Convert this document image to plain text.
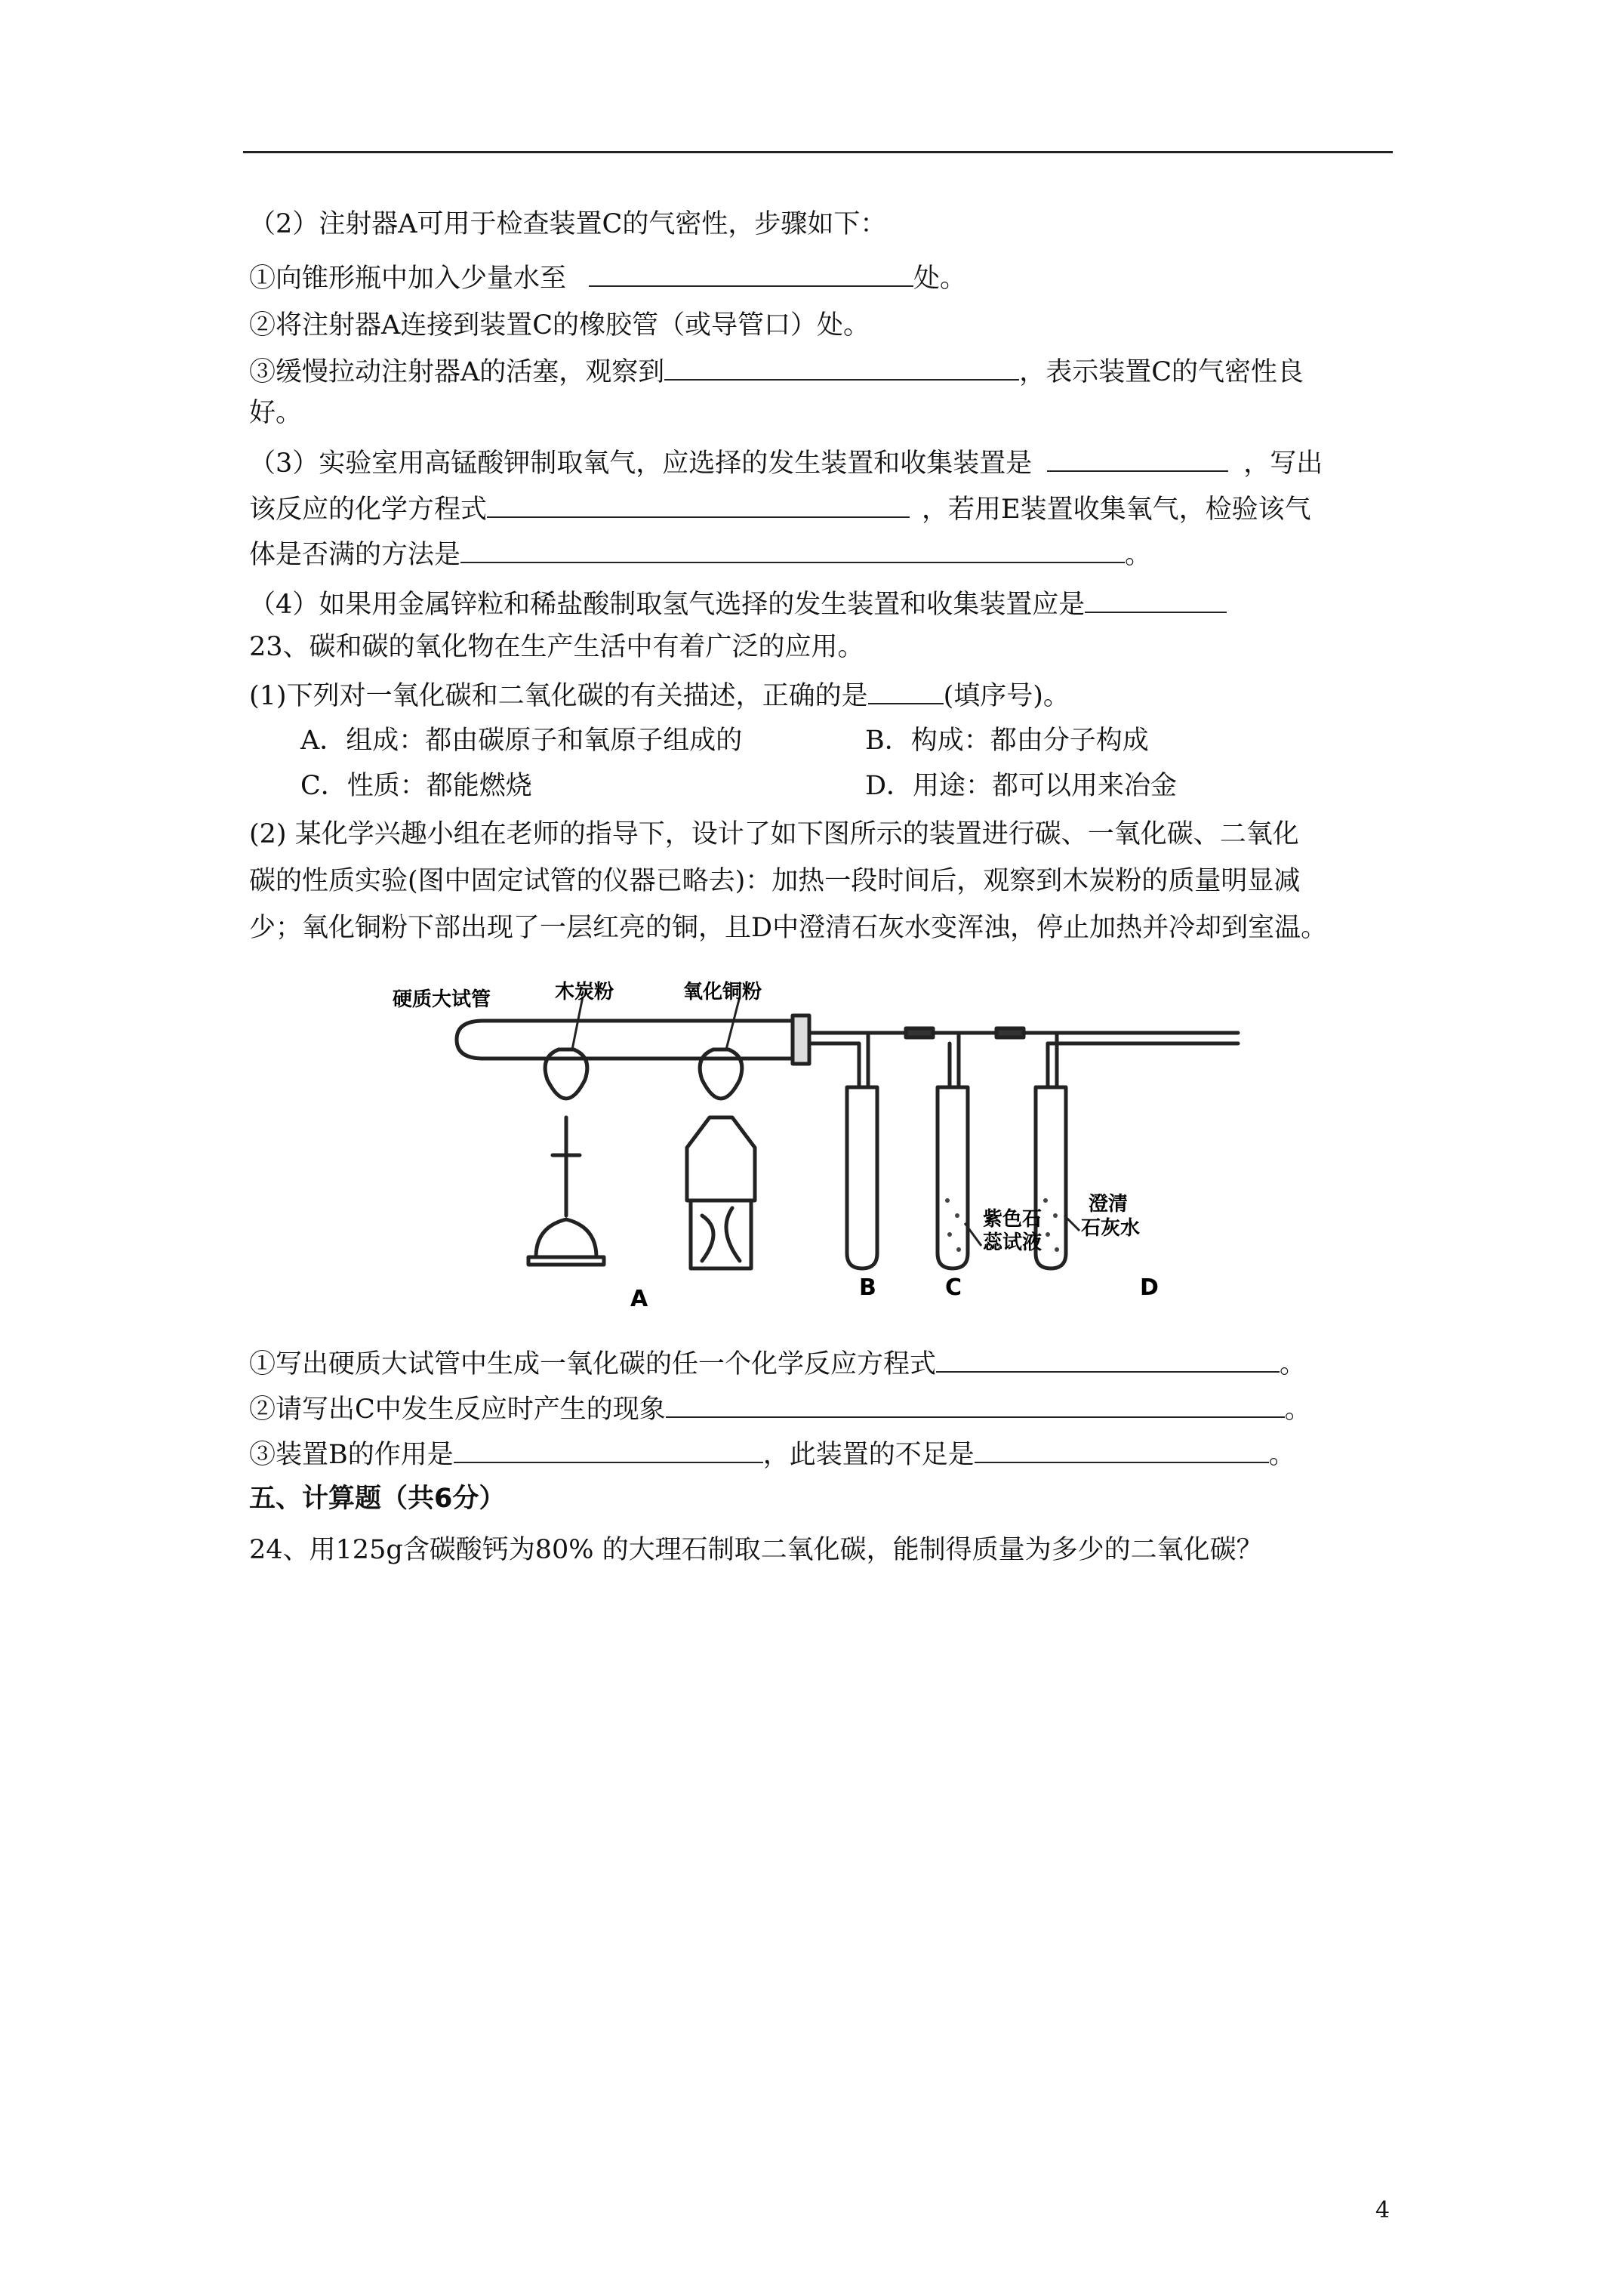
（2）注射器A可用于检查装置C的气密性，步骤如下：
①向锥形瓶中加入少量水至	处。
②将注射器A连接到装置C的橡胶管（或导管口）处。
③缓慢拉动注射器A的活塞，观察到	，表示装置C的气密性良
好。
（3）实验室用高锰酸钾制取氧气，应选择的发生装置和收集装置是	，写出
该反应的化学方程式	，若用E装置收集氧气，检验该气
体是否满的方法是	。
（4）如果用金属锌粒和稀盐酸制取氢气选择的发生装置和收集装置应是
23、碳和碳的氧化物在生产生活中有着广泛的应用。
(1)下列对一氧化碳和二氧化碳的有关描述，正确的是	(填序号)。
A．组成：都由碳原子和氧原子组成的	B．构成：都由分子构成
C．性质：都能燃烧	D．用途：都可以用来冶金
(2) 某化学兴趣小组在老师的指导下，设计了如下图所示的装置进行碳、一氧化碳、二氧化
碳的性质实验(图中固定试管的仪器已略去)：加热一段时间后，观察到木炭粉的质量明显减
少；氧化铜粉下部出现了一层红亮的铜，且D中澄清石灰水变浑浊，停止加热并冷却到室温。
硬质大试管	木炭粉	氧化铜粉
紫色石
蕊试液
澄清
石灰水
A	B	C	D
①写出硬质大试管中生成一氧化碳的任一个化学反应方程式	。
②请写出C中发生反应时产生的现象	。
③装置B的作用是	，此装置的不足是	。
五、计算题（共6分）
24、用125g含碳酸钙为80% 的大理石制取二氧化碳，能制得质量为多少的二氧化碳？
4
